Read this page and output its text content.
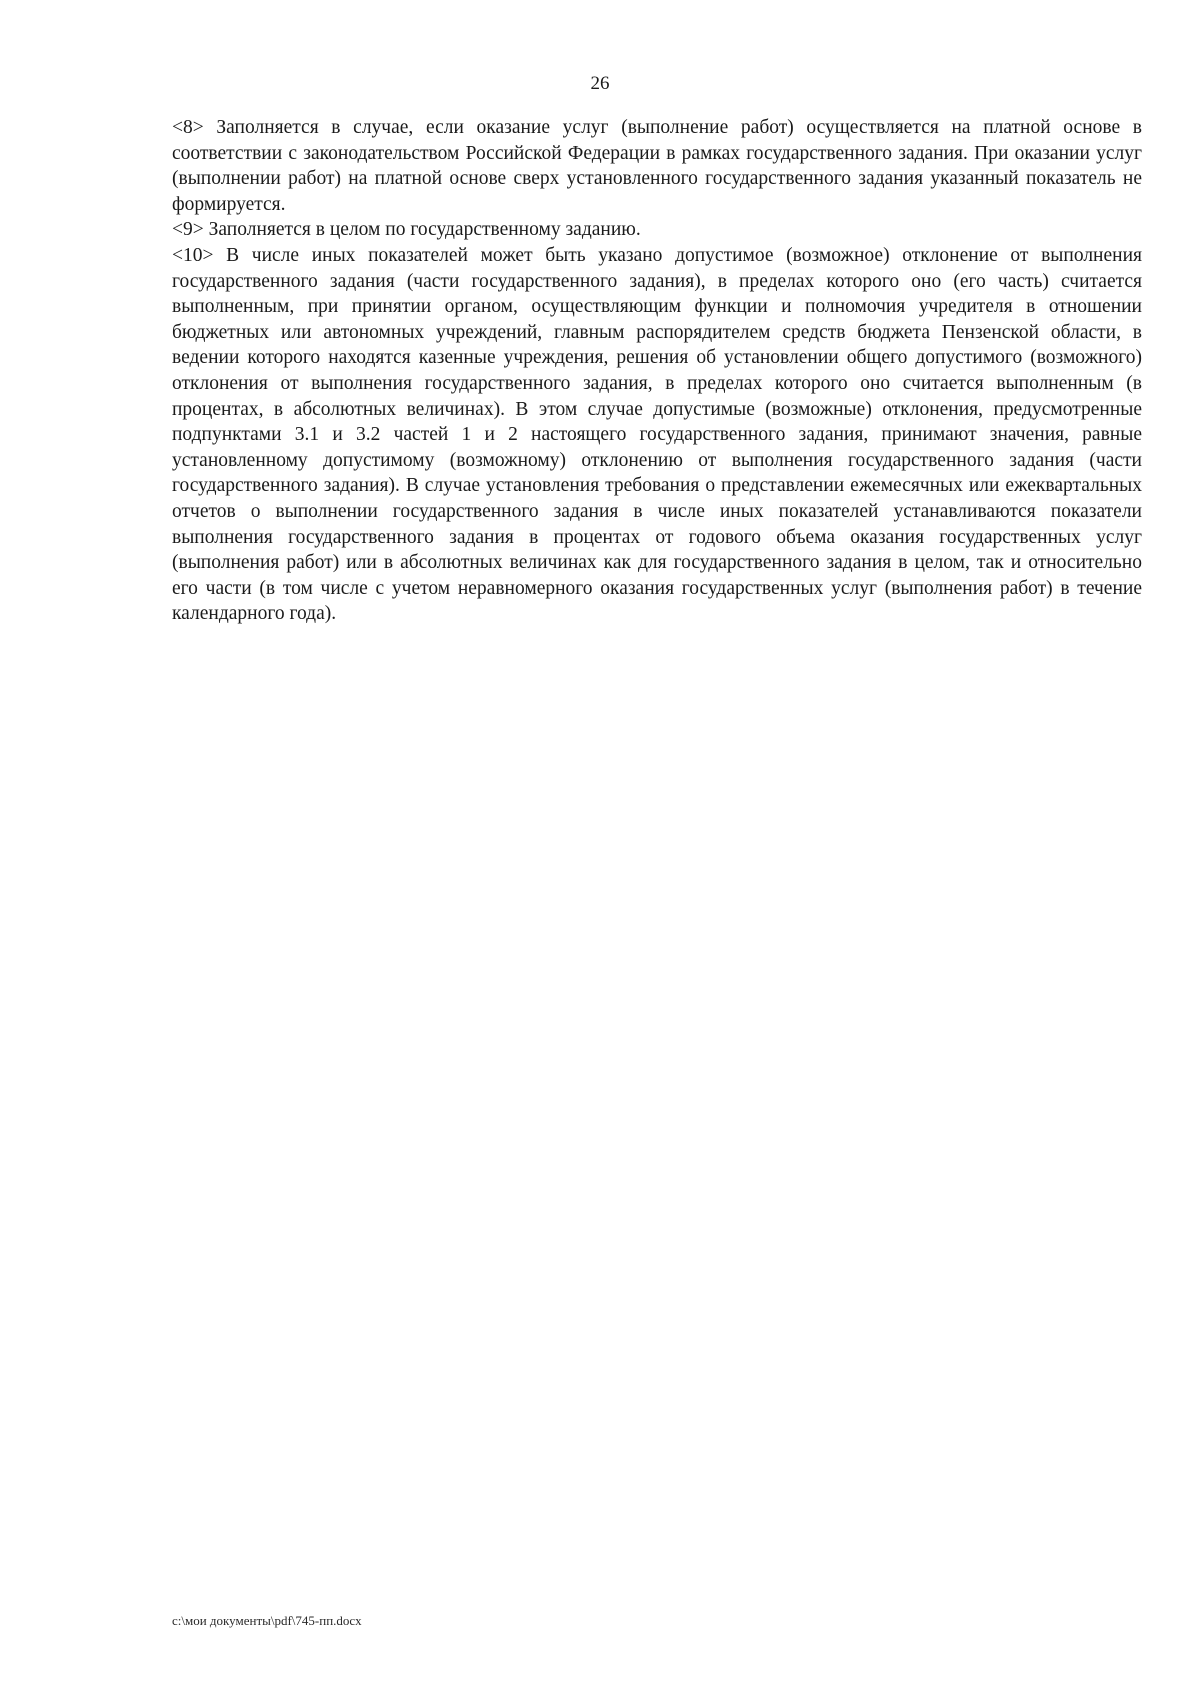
26

<8> Заполняется в случае, если оказание услуг (выполнение работ) осуществляется на платной основе в соответствии с законодательством Российской Федерации в рамках государственного задания. При оказании услуг (выполнении работ) на платной основе сверх установленного государственного задания указанный показатель не формируется.

<9> Заполняется в целом по государственному заданию.

<10> В числе иных показателей может быть указано допустимое (возможное) отклонение от выполнения государственного задания (части государственного задания), в пределах которого оно (его часть) считается выполненным, при принятии органом, осуществляющим функции и полномочия учредителя в отношении бюджетных или автономных учреждений, главным распорядителем средств бюджета Пензенской области, в ведении которого находятся казенные учреждения, решения об установлении общего допустимого (возможного) отклонения от выполнения государственного задания, в пределах которого оно считается выполненным (в процентах, в абсолютных величинах). В этом случае допустимые (возможные) отклонения, предусмотренные подпунктами 3.1 и 3.2 частей 1 и 2 настоящего государственного задания, принимают значения, равные установленному допустимому (возможному) отклонению от выполнения государственного задания (части государственного задания). В случае установления требования о представлении ежемесячных или ежеквартальных отчетов о выполнении государственного задания в числе иных показателей устанавливаются показатели выполнения государственного задания в процентах от годового объема оказания государственных услуг (выполнения работ) или в абсолютных величинах как для государственного задания в целом, так и относительно его части (в том числе с учетом неравномерного оказания государственных услуг (выполнения работ) в течение календарного года).

c:\мои документы\pdf\745-пп.docx
